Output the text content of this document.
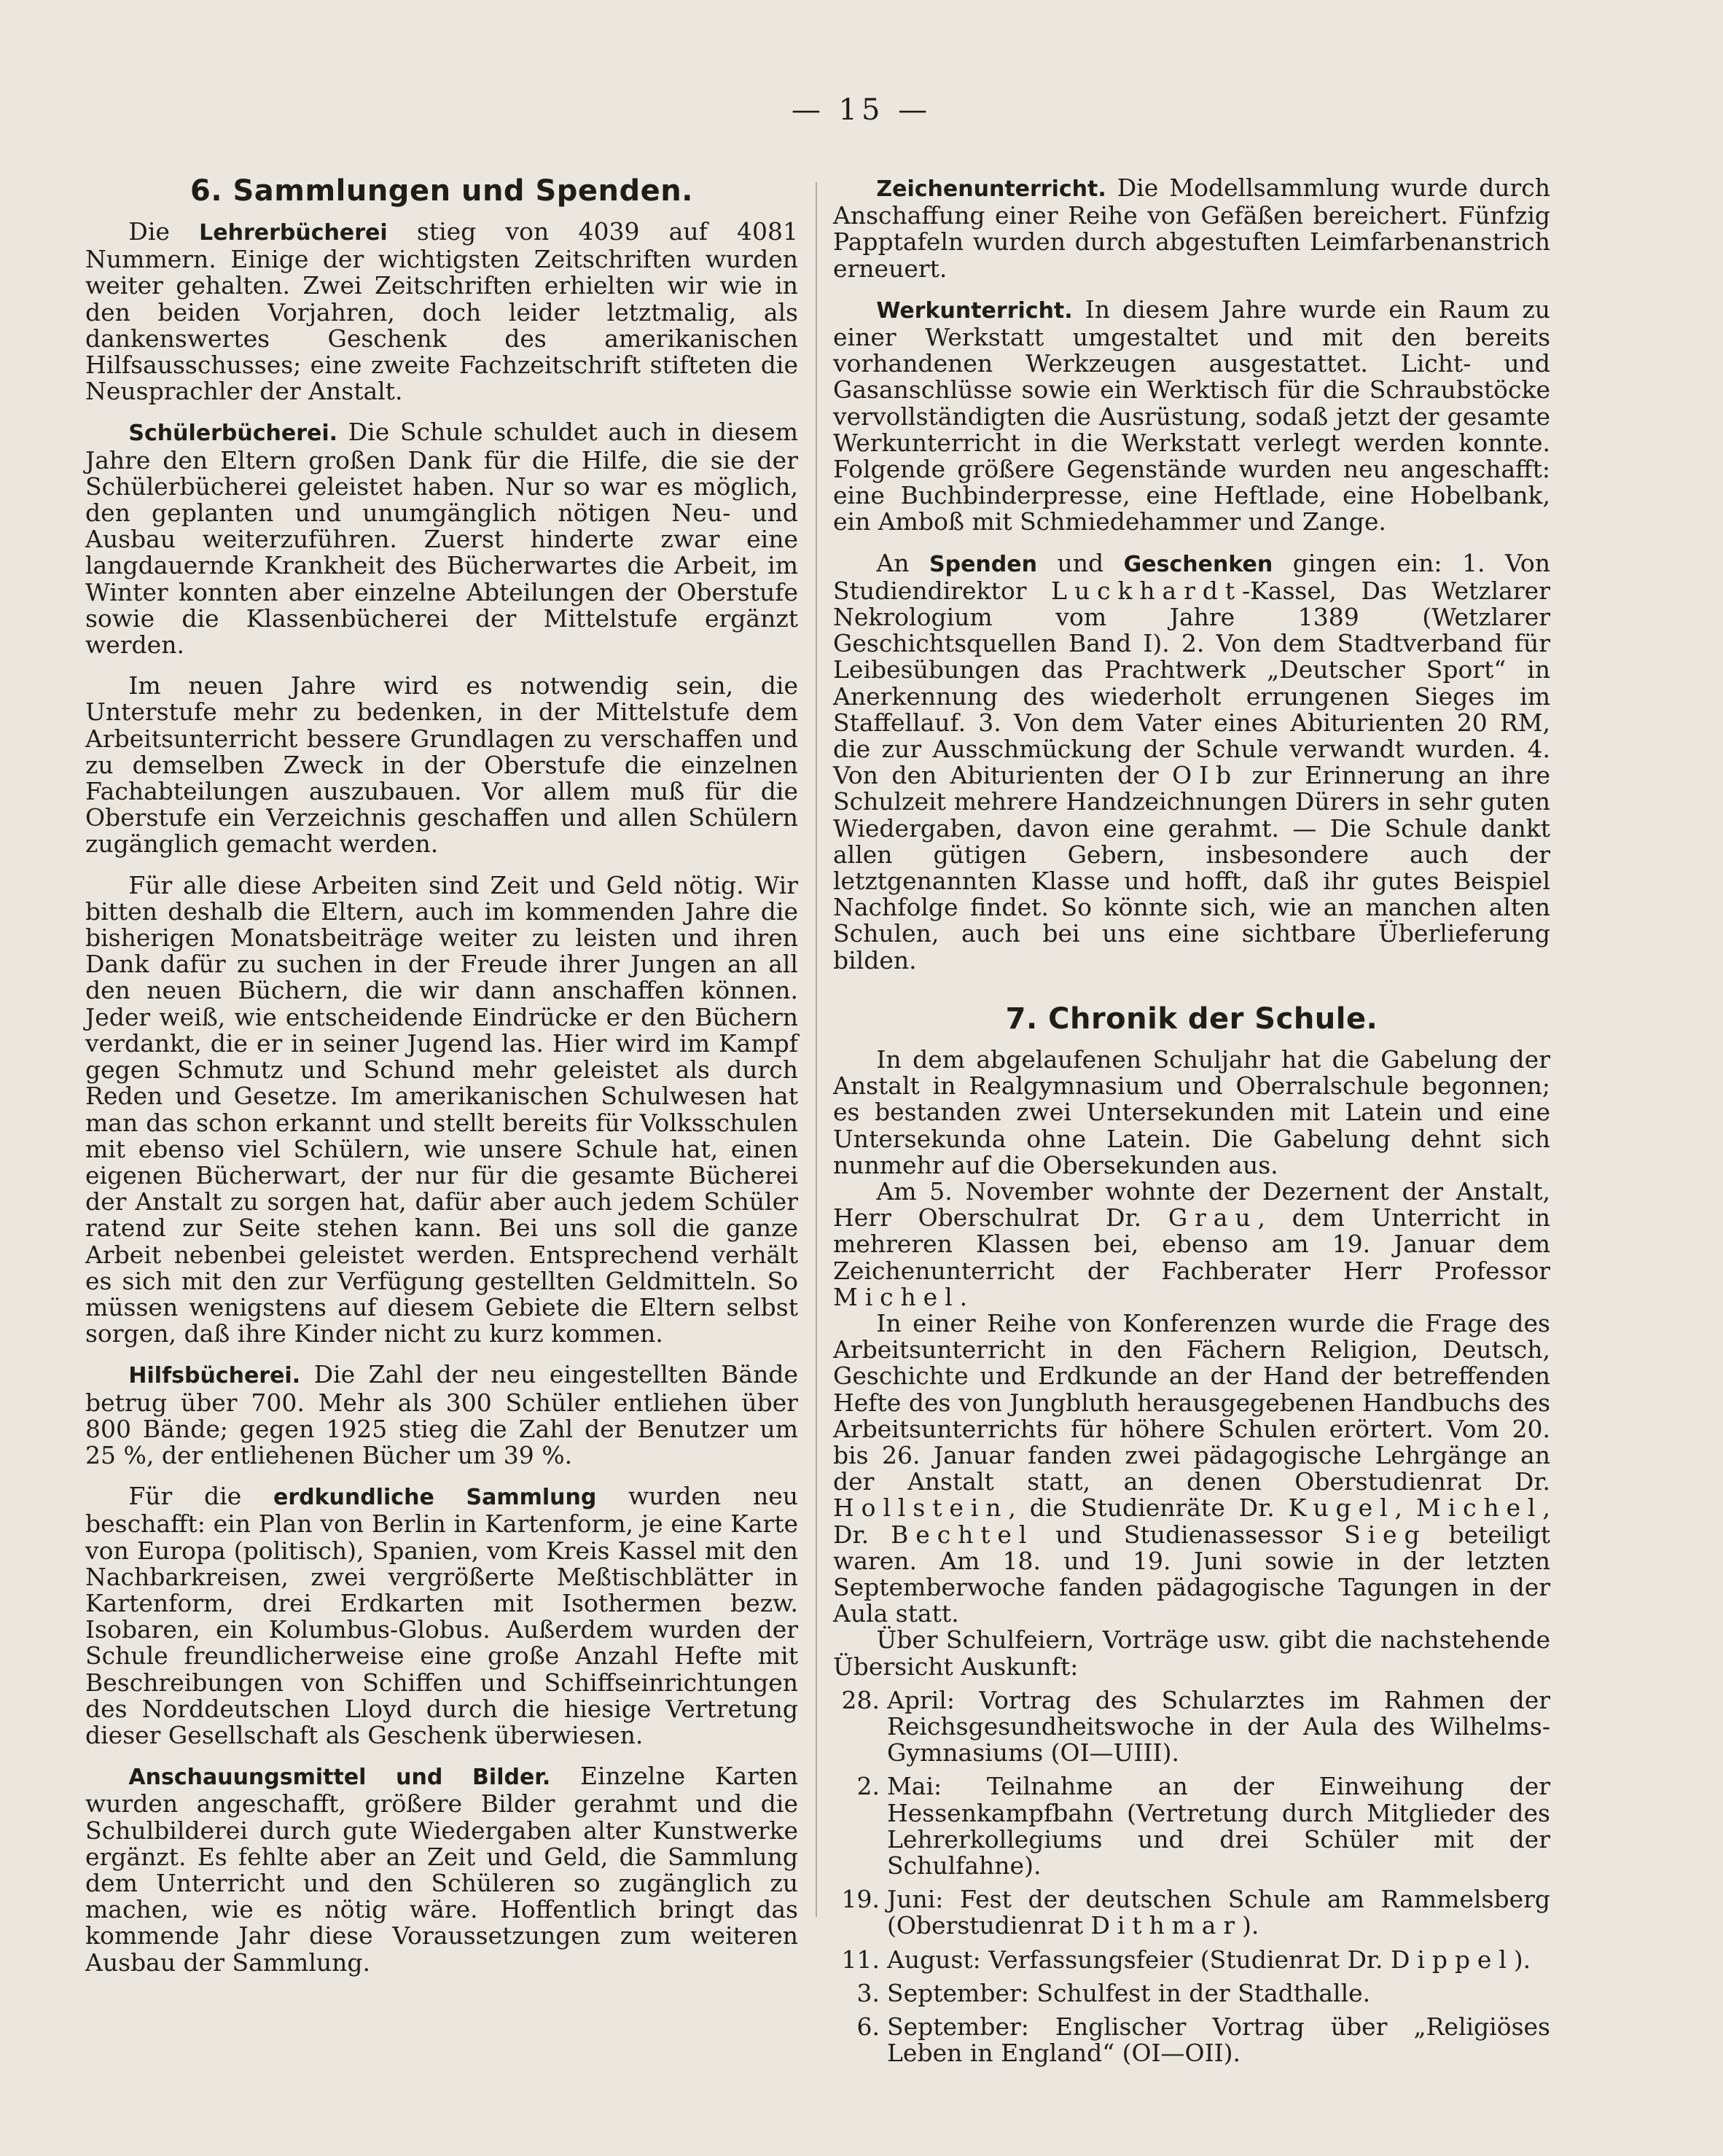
— 15 —
6. Sammlungen und Spenden.

Die Lehrerbücherei stieg von 4039 auf 4081 Nummern. Einige der wichtigsten Zeitschriften wurden weiter gehalten. Zwei Zeitschriften erhielten wir wie in den beiden Vorjahren, doch leider letztmalig, als dankenswertes Geschenk des amerikanischen Hilfsausschusses; eine zweite Fachzeitschrift stifteten die Neusprachler der Anstalt.

Schülerbücherei. Die Schule schuldet auch in diesem Jahre den Eltern großen Dank für die Hilfe, die sie der Schülerbücherei geleistet haben. Nur so war es möglich, den geplanten und unumgänglich nötigen Neu- und Ausbau weiterzuführen. Zuerst hinderte zwar eine langdauernde Krankheit des Bücherwartes die Arbeit, im Winter konnten aber einzelne Abteilungen der Oberstufe sowie die Klassenbücherei der Mittelstufe ergänzt werden.

Im neuen Jahre wird es notwendig sein, die Unterstufe mehr zu bedenken, in der Mittelstufe dem Arbeitsunterricht bessere Grundlagen zu verschaffen und zu demselben Zweck in der Oberstufe die einzelnen Fachabteilungen auszubauen. Vor allem muß für die Oberstufe ein Verzeichnis geschaffen und allen Schülern zugänglich gemacht werden.

Für alle diese Arbeiten sind Zeit und Geld nötig. Wir bitten deshalb die Eltern, auch im kommenden Jahre die bisherigen Monatsbeiträge weiter zu leisten und ihren Dank dafür zu suchen in der Freude ihrer Jungen an all den neuen Büchern, die wir dann anschaffen können. Jeder weiß, wie entscheidende Eindrücke er den Büchern verdankt, die er in seiner Jugend las. Hier wird im Kampf gegen Schmutz und Schund mehr geleistet als durch Reden und Gesetze. Im amerikanischen Schulwesen hat man das schon erkannt und stellt bereits für Volksschulen mit ebenso viel Schülern, wie unsere Schule hat, einen eigenen Bücherwart, der nur für die gesamte Bücherei der Anstalt zu sorgen hat, dafür aber auch jedem Schüler ratend zur Seite stehen kann. Bei uns soll die ganze Arbeit nebenbei geleistet werden. Entsprechend verhält es sich mit den zur Verfügung gestellten Geldmitteln. So müssen wenigstens auf diesem Gebiete die Eltern selbst sorgen, daß ihre Kinder nicht zu kurz kommen.

Hilfsbücherei. Die Zahl der neu eingestellten Bände betrug über 700. Mehr als 300 Schüler entliehen über 800 Bände; gegen 1925 stieg die Zahl der Benutzer um 25 %, der entliehenen Bücher um 39 %.

Für die erdkundliche Sammlung wurden neu beschafft: ein Plan von Berlin in Kartenform, je eine Karte von Europa (politisch), Spanien, vom Kreis Kassel mit den Nachbarkreisen, zwei vergrößerte Meßtischblätter in Kartenform, drei Erdkarten mit Isothermen bezw. Isobaren, ein Kolumbus-Globus. Außerdem wurden der Schule freundlicherweise eine große Anzahl Hefte mit Beschreibungen von Schiffen und Schiffseinrichtungen des Norddeutschen Lloyd durch die hiesige Vertretung dieser Gesellschaft als Geschenk überwiesen.

Anschauungsmittel und Bilder. Einzelne Karten wurden angeschafft, größere Bilder gerahmt und die Schulbilderei durch gute Wiedergaben alter Kunstwerke ergänzt. Es fehlte aber an Zeit und Geld, die Sammlung dem Unterricht und den Schüleren so zugänglich zu machen, wie es nötig wäre. Hoffentlich bringt das kommende Jahr diese Voraussetzungen zum weiteren Ausbau der Sammlung.

Zeichenunterricht. Die Modellsammlung wurde durch Anschaffung einer Reihe von Gefäßen bereichert. Fünfzig Papptafeln wurden durch abgestuften Leimfarbenanstrich erneuert.

Werkunterricht. In diesem Jahre wurde ein Raum zu einer Werkstatt umgestaltet und mit den bereits vorhandenen Werkzeugen ausgestattet. Licht- und Gasanschlüsse sowie ein Werktisch für die Schraubstöcke vervollständigten die Ausrüstung, sodaß jetzt der gesamte Werkunterricht in die Werkstatt verlegt werden konnte. Folgende größere Gegenstände wurden neu angeschafft: eine Buchbinderpresse, eine Heftlade, eine Hobelbank, ein Amboß mit Schmiedehammer und Zange.

An Spenden und Geschenken gingen ein: 1. Von Studiendirektor Luckhardt-Kassel, Das Wetzlarer Nekrologium vom Jahre 1389 (Wetzlarer Geschichtsquellen Band I). 2. Von dem Stadtverband für Leibesübungen das Prachtwerk „Deutscher Sport“ in Anerkennung des wiederholt errungenen Sieges im Staffellauf. 3. Von dem Vater eines Abiturienten 20 RM, die zur Ausschmückung der Schule verwandt wurden. 4. Von den Abiturienten der OIb zur Erinnerung an ihre Schulzeit mehrere Handzeichnungen Dürers in sehr guten Wiedergaben, davon eine gerahmt. — Die Schule dankt allen gütigen Gebern, insbesondere auch der letztgenannten Klasse und hofft, daß ihr gutes Beispiel Nachfolge findet. So könnte sich, wie an manchen alten Schulen, auch bei uns eine sichtbare Überlieferung bilden.

7. Chronik der Schule.

In dem abgelaufenen Schuljahr hat die Gabelung der Anstalt in Realgymnasium und Oberralschule begonnen; es bestanden zwei Untersekunden mit Latein und eine Untersekunda ohne Latein. Die Gabelung dehnt sich nunmehr auf die Obersekunden aus.

Am 5. November wohnte der Dezernent der Anstalt, Herr Oberschulrat Dr. Grau, dem Unterricht in mehreren Klassen bei, ebenso am 19. Januar dem Zeichenunterricht der Fachberater Herr Professor Michel.

In einer Reihe von Konferenzen wurde die Frage des Arbeitsunterricht in den Fächern Religion, Deutsch, Geschichte und Erdkunde an der Hand der betreffenden Hefte des von Jungbluth herausgegebenen Handbuchs des Arbeitsunterrichts für höhere Schulen erörtert. Vom 20. bis 26. Januar fanden zwei pädagogische Lehrgänge an der Anstalt statt, an denen Oberstudienrat Dr. Hollstein, die Studienräte Dr. Kugel, Michel, Dr. Bechtel und Studienassessor Sieg beteiligt waren. Am 18. und 19. Juni sowie in der letzten Septemberwoche fanden pädagogische Tagungen in der Aula statt.

Über Schulfeiern, Vorträge usw. gibt die nachstehende Übersicht Auskunft:

28. April: Vortrag des Schularztes im Rahmen der Reichsgesundheitswoche in der Aula des Wilhelms-Gymnasiums (OI—UIII).
2. Mai: Teilnahme an der Einweihung der Hessenkampfbahn (Vertretung durch Mitglieder des Lehrerkollegiums und drei Schüler mit der Schulfahne).
19. Juni: Fest der deutschen Schule am Rammelsberg (Oberstudienrat Dithmar).
11. August: Verfassungsfeier (Studienrat Dr. Dippel).
3. September: Schulfest in der Stadthalle.
6. September: Englischer Vortrag über „Religiöses Leben in England“ (OI—OII).
